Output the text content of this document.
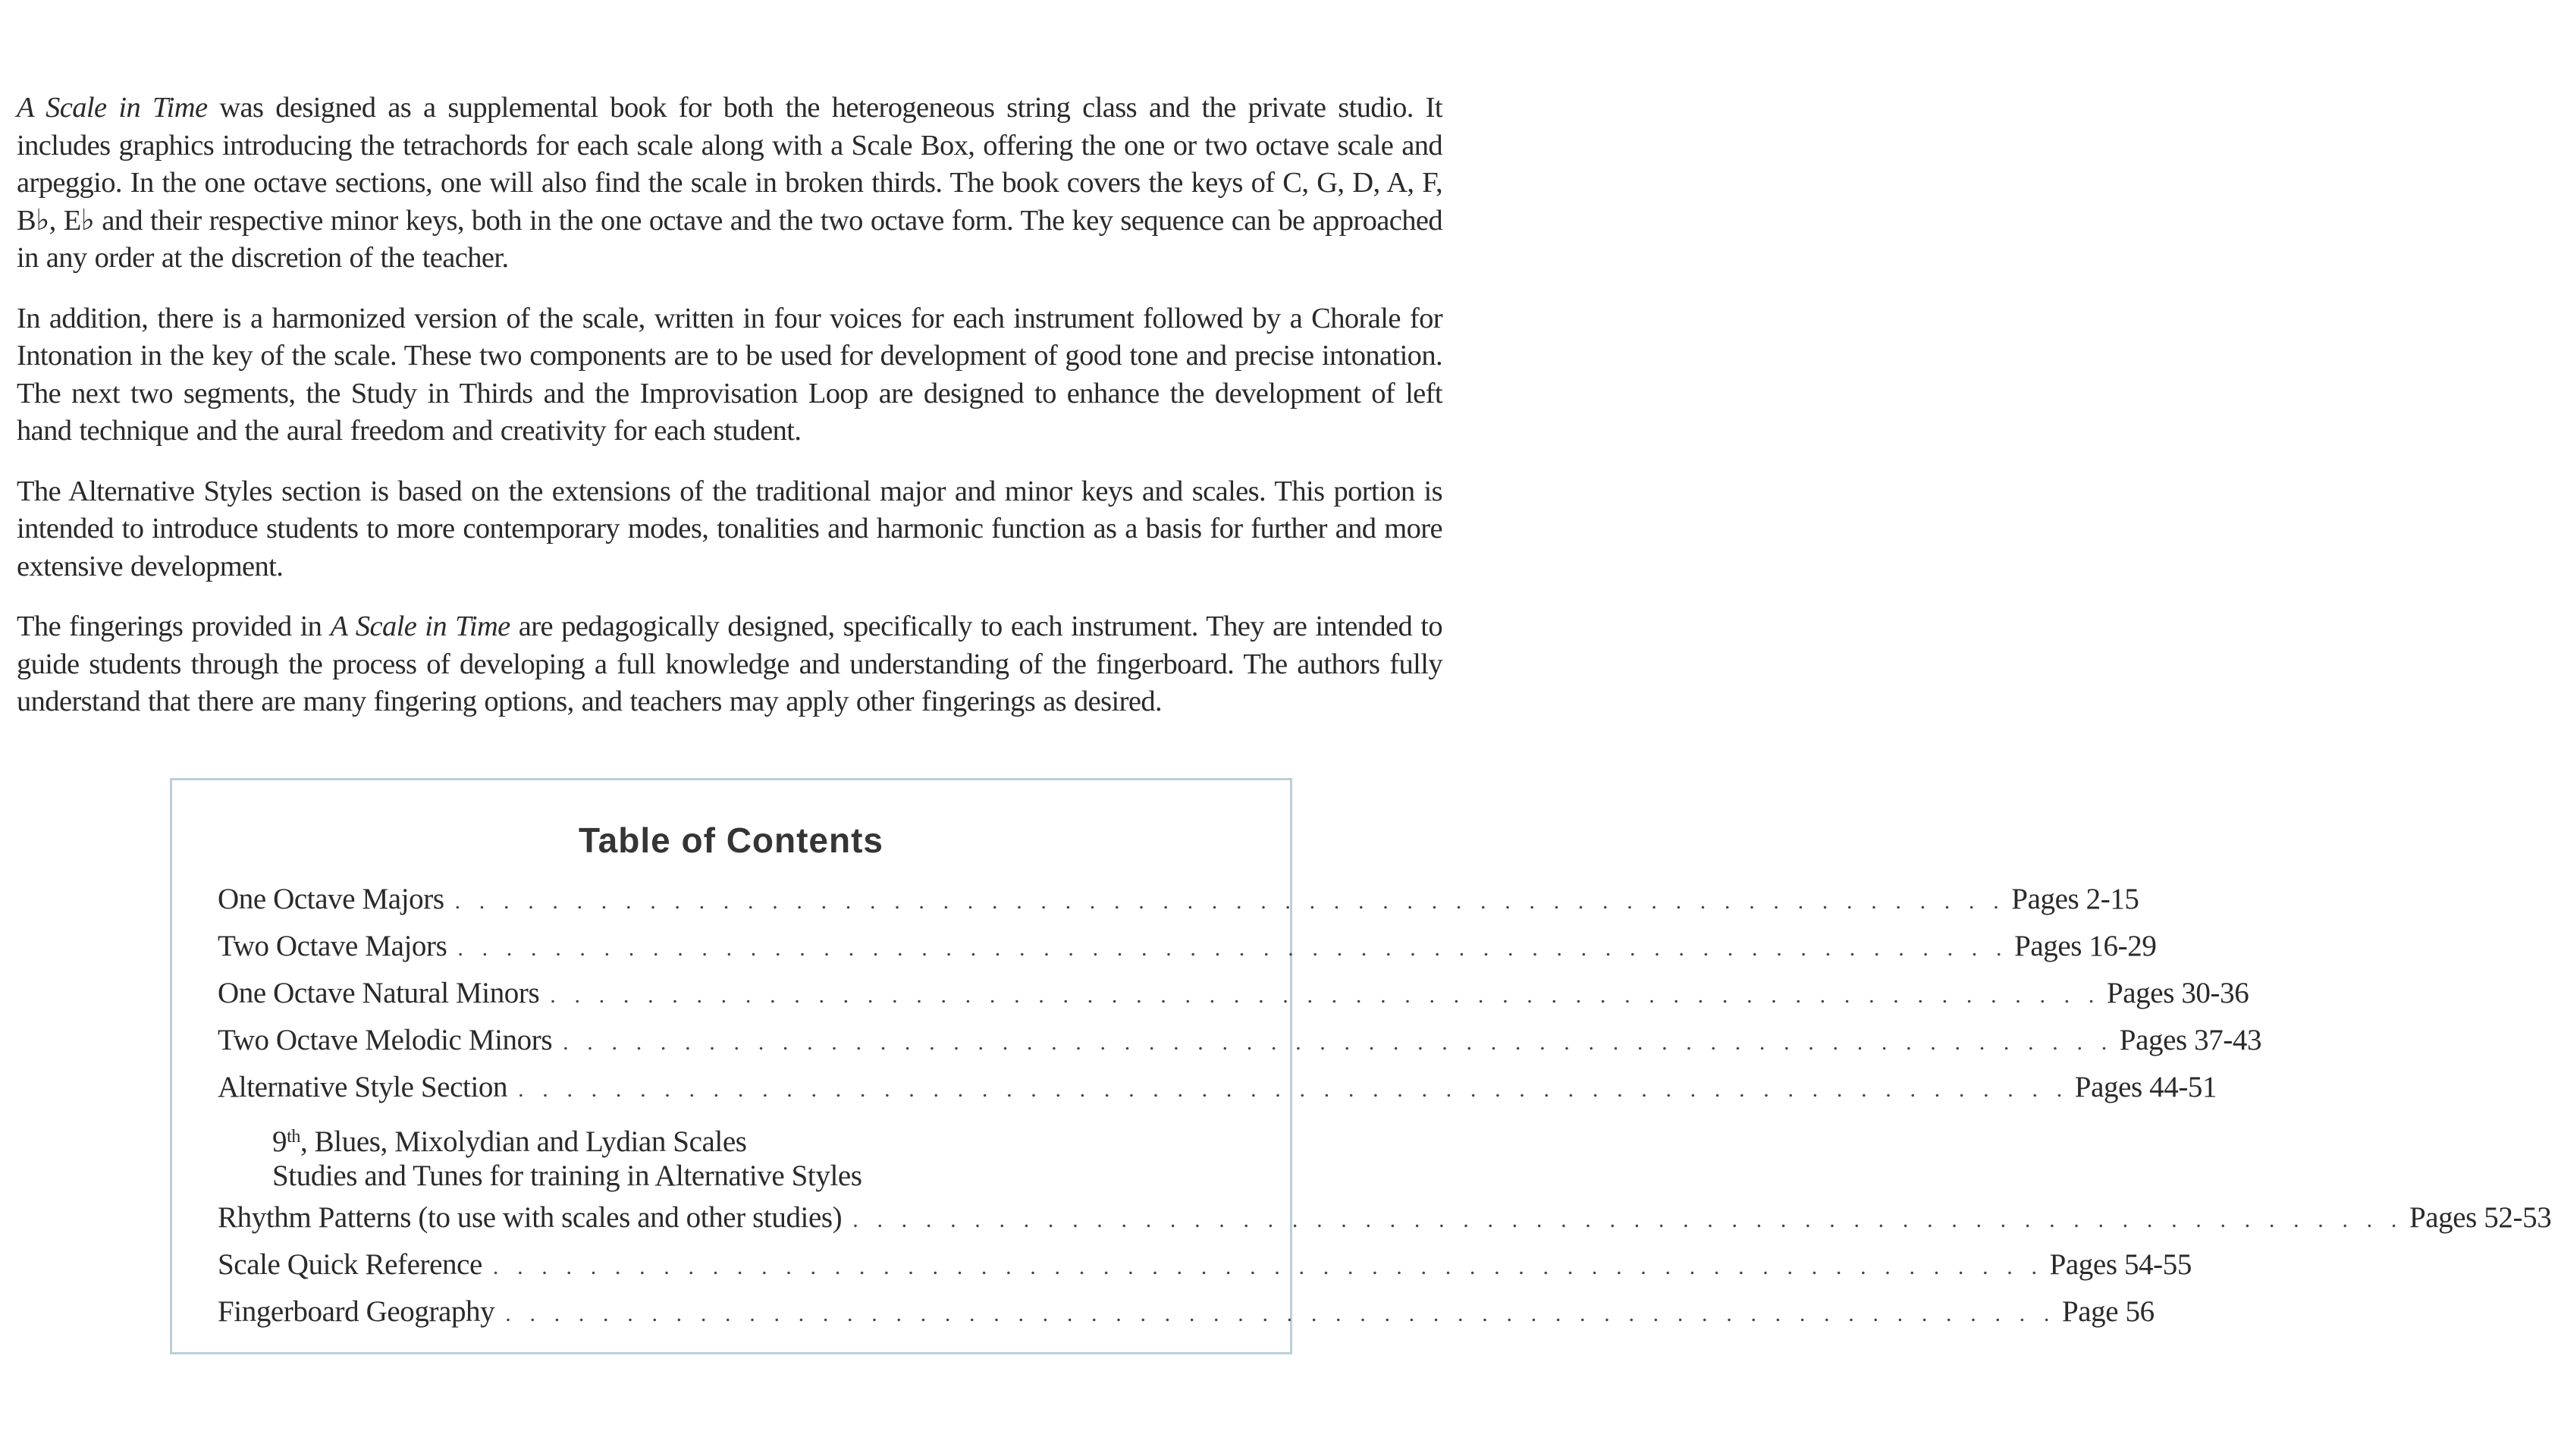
A Scale in Time was designed as a supplemental book for both the heterogeneous string class and the private studio. It includes graphics introducing the tetrachords for each scale along with a Scale Box, offering the one or two octave scale and arpeggio. In the one octave sections, one will also find the scale in broken thirds. The book covers the keys of C, G, D, A, F, B♭, E♭ and their respective minor keys, both in the one octave and the two octave form. The key sequence can be approached in any order at the discretion of the teacher.

In addition, there is a harmonized version of the scale, written in four voices for each instrument followed by a Chorale for Intonation in the key of the scale. These two components are to be used for development of good tone and precise intonation. The next two segments, the Study in Thirds and the Improvisation Loop are designed to enhance the development of left hand technique and the aural freedom and creativity for each student.

The Alternative Styles section is based on the extensions of the traditional major and minor keys and scales. This portion is intended to introduce students to more contemporary modes, tonalities and harmonic function as a basis for further and more extensive development.

The fingerings provided in A Scale in Time are pedagogically designed, specifically to each instrument. They are intended to guide students through the process of developing a full knowledge and understanding of the fingerboard. The authors fully understand that there are many fingering options, and teachers may apply other fingerings as desired.

Table of Contents
One Octave Majors . . . . . . . . . . . . . . . . . . . . . . . . . . . . . . . . . . . . . . . . . . . . . . . . . . . . . . . . . . . . . . . . Pages 2-15
Two Octave Majors . . . . . . . . . . . . . . . . . . . . . . . . . . . . . . . . . . . . . . . . . . . . . . . . . . . . . . . . . . . . . . . . Pages 16-29
One Octave Natural Minors . . . . . . . . . . . . . . . . . . . . . . . . . . . . . . . . . . . . . . . . . . . . . . . . . . . . . . . . . . . . . . . . Pages 30-36
Two Octave Melodic Minors . . . . . . . . . . . . . . . . . . . . . . . . . . . . . . . . . . . . . . . . . . . . . . . . . . . . . . . . . . . . . . . . Pages 37-43
Alternative Style Section . . . . . . . . . . . . . . . . . . . . . . . . . . . . . . . . . . . . . . . . . . . . . . . . . . . . . . . . . . . . . . . . Pages 44-51
9th, Blues, Mixolydian and Lydian Scales
Studies and Tunes for training in Alternative Styles
Rhythm Patterns (to use with scales and other studies) . . . . . . . . . . . . . . . . . . . . . . . . . . . . . . . . . . . . . . . . . . . . . . . . . . . . . . . . . . . . . . . . Pages 52-53
Scale Quick Reference . . . . . . . . . . . . . . . . . . . . . . . . . . . . . . . . . . . . . . . . . . . . . . . . . . . . . . . . . . . . . . . . Pages 54-55
Fingerboard Geography . . . . . . . . . . . . . . . . . . . . . . . . . . . . . . . . . . . . . . . . . . . . . . . . . . . . . . . . . . . . . . . . Page 56
